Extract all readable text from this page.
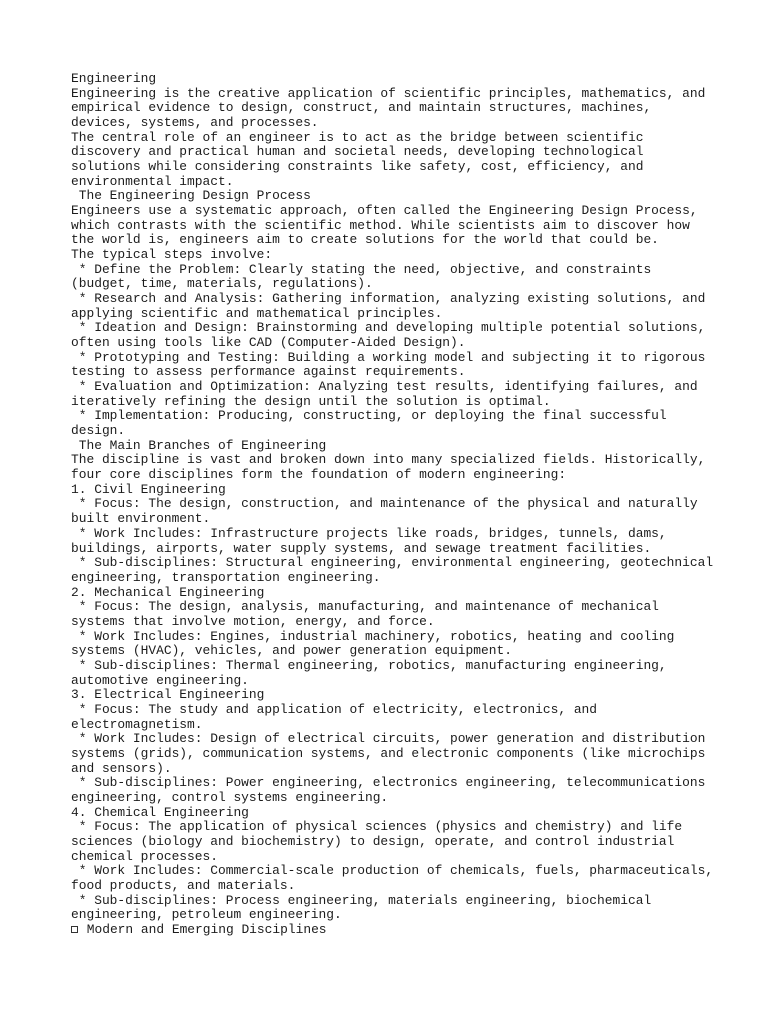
Engineering
Engineering is the creative application of scientific principles, mathematics, and
empirical evidence to design, construct, and maintain structures, machines,
devices, systems, and processes.
The central role of an engineer is to act as the bridge between scientific
discovery and practical human and societal needs, developing technological
solutions while considering constraints like safety, cost, efficiency, and
environmental impact.
The Engineering Design Process
Engineers use a systematic approach, often called the Engineering Design Process,
which contrasts with the scientific method. While scientists aim to discover how
the world is, engineers aim to create solutions for the world that could be.
The typical steps involve:
* Define the Problem: Clearly stating the need, objective, and constraints
(budget, time, materials, regulations).
* Research and Analysis: Gathering information, analyzing existing solutions, and
applying scientific and mathematical principles.
* Ideation and Design: Brainstorming and developing multiple potential solutions,
often using tools like CAD (Computer-Aided Design).
* Prototyping and Testing: Building a working model and subjecting it to rigorous
testing to assess performance against requirements.
* Evaluation and Optimization: Analyzing test results, identifying failures, and
iteratively refining the design until the solution is optimal.
* Implementation: Producing, constructing, or deploying the final successful
design.
The Main Branches of Engineering
The discipline is vast and broken down into many specialized fields. Historically,
four core disciplines form the foundation of modern engineering:
1. Civil Engineering
* Focus: The design, construction, and maintenance of the physical and naturally
built environment.
* Work Includes: Infrastructure projects like roads, bridges, tunnels, dams,
buildings, airports, water supply systems, and sewage treatment facilities.
* Sub-disciplines: Structural engineering, environmental engineering, geotechnical
engineering, transportation engineering.
2. Mechanical Engineering
* Focus: The design, analysis, manufacturing, and maintenance of mechanical
systems that involve motion, energy, and force.
* Work Includes: Engines, industrial machinery, robotics, heating and cooling
systems (HVAC), vehicles, and power generation equipment.
* Sub-disciplines: Thermal engineering, robotics, manufacturing engineering,
automotive engineering.
3. Electrical Engineering
* Focus: The study and application of electricity, electronics, and
electromagnetism.
* Work Includes: Design of electrical circuits, power generation and distribution
systems (grids), communication systems, and electronic components (like microchips
and sensors).
* Sub-disciplines: Power engineering, electronics engineering, telecommunications
engineering, control systems engineering.
4. Chemical Engineering
* Focus: The application of physical sciences (physics and chemistry) and life
sciences (biology and biochemistry) to design, operate, and control industrial
chemical processes.
* Work Includes: Commercial-scale production of chemicals, fuels, pharmaceuticals,
food products, and materials.
* Sub-disciplines: Process engineering, materials engineering, biochemical
engineering, petroleum engineering.
Modern and Emerging Disciplines
